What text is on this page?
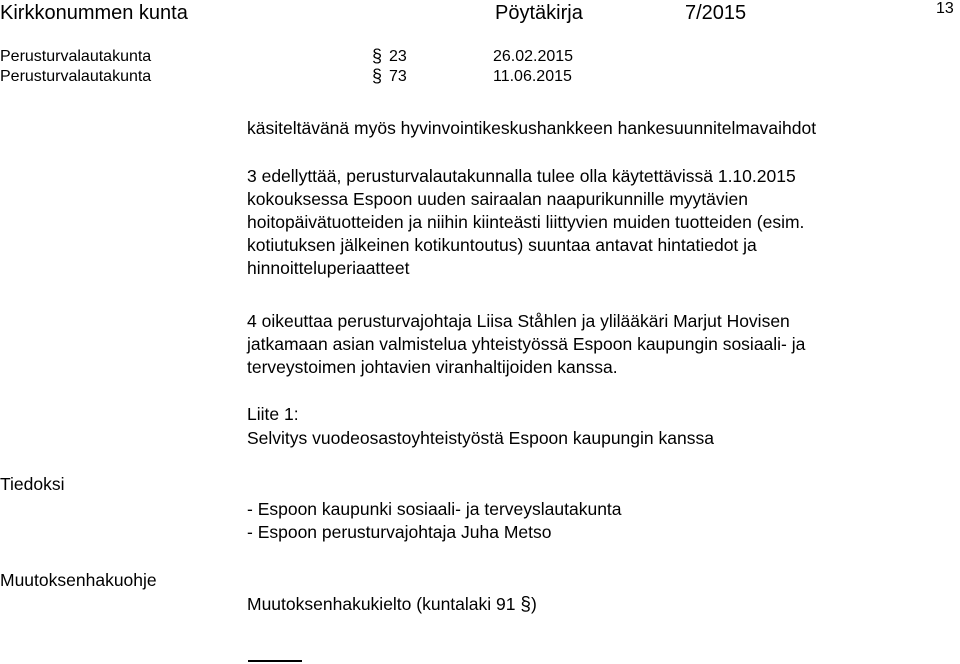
Kirkkonummen kunta	Pöytäkirja	7/2015	13
Perusturvalautakunta	§ 23	26.02.2015
Perusturvalautakunta	§ 73	11.06.2015
käsiteltävänä myös hyvinvointikeskushankkeen hankesuunnitelmavaihdot
3 edellyttää, perusturvalautakunnalla tulee olla käytettävissä 1.10.2015
kokouksessa Espoon uuden sairaalan naapurikunnille myytävien
hoitopäivätuotteiden ja niihin kiinteästi liittyvien muiden tuotteiden (esim.
kotiutuksen jälkeinen kotikuntoutus) suuntaa antavat hintatiedot ja
hinnoitteluperiaatteet
4 oikeuttaa perusturvajohtaja Liisa Ståhlen ja ylilääkäri Marjut Hovisen
jatkamaan asian valmistelua yhteistyössä Espoon kaupungin sosiaali- ja
terveystoimen johtavien viranhaltijoiden kanssa.
Liite 1:
Selvitys vuodeosastoyhteistyöstä Espoon kaupungin kanssa
Tiedoksi
- Espoon kaupunki sosiaali- ja terveyslautakunta
- Espoon perusturvajohtaja Juha Metso
Muutoksenhakuohje
Muutoksenhakukielto (kuntalaki 91 §)
